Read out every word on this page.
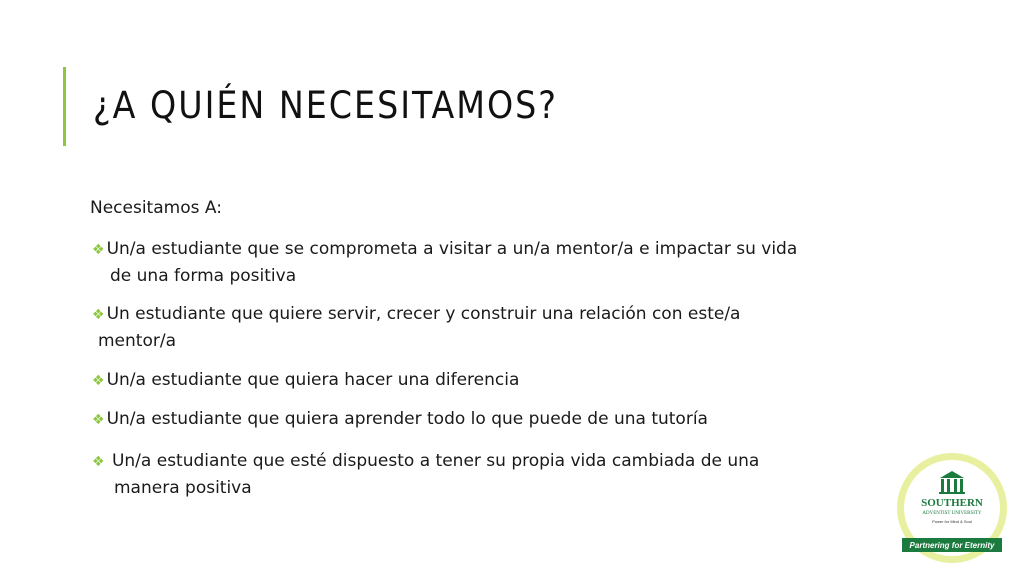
¿A QUIÉN NECESITAMOS?
Necesitamos A:
❖ Un/a estudiante que se comprometa a visitar a un/a mentor/a e impactar su vida
de una forma positiva
❖ Un estudiante que quiere servir, crecer y construir una relación con este/a
mentor/a
❖ Un/a estudiante que quiera hacer una diferencia
❖ Un/a estudiante que quiera aprender todo lo que puede de una tutoría
❖ Un/a estudiante que esté dispuesto a tener su propia vida cambiada de una
manera positiva
SOUTHERN
ADVENTIST UNIVERSITY
Power for Mind & Soul
Partnering for Eternity
